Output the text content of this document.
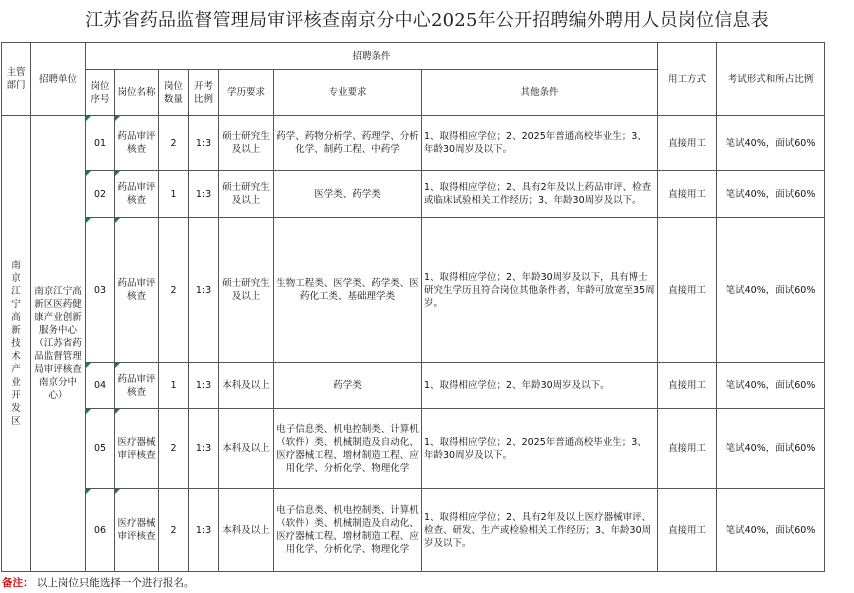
江苏省药品监督管理局审评核查南京分中心2025年公开招聘编外聘用人员岗位信息表
主管部门	招聘单位	招聘条件							用工方式	考试形式和所占比例
		岗位序号	岗位名称	岗位数量	开考比例	学历要求	专业要求	其他条件		
南京江宁高新技术产业开发区	南京江宁高新区医药健康产业创新服务中心（江苏省药品监督管理局审评核查南京分中心）	01	药品审评核查	2	1:3	硕士研究生及以上	药学、药物分析学、药理学、分析化学、制药工程、中药学	1、取得相应学位；2、2025年普通高校毕业生；3、年龄30周岁及以下。	直接用工	笔试40%，面试60%
		02	药品审评核查	1	1:3	硕士研究生及以上	医学类、药学类	1、取得相应学位；2、具有2年及以上药品审评、检查或临床试验相关工作经历；3、年龄30周岁及以下。	直接用工	笔试40%，面试60%
		03	药品审评核查	2	1:3	硕士研究生及以上	生物工程类、医学类、药学类、医药化工类、基础理学类	1、取得相应学位；2、年龄30周岁及以下，具有博士研究生学历且符合岗位其他条件者，年龄可放宽至35周岁。	直接用工	笔试40%，面试60%
		04	药品审评核查	1	1:3	本科及以上	药学类	1、取得相应学位；2、年龄30周岁及以下。	直接用工	笔试40%，面试60%
		05	医疗器械审评核查	2	1:3	本科及以上	电子信息类、机电控制类、计算机（软件）类、机械制造及自动化、医疗器械工程、增材制造工程、应用化学、分析化学、物理化学	1、取得相应学位；2、2025年普通高校毕业生；3、年龄30周岁及以下。	直接用工	笔试40%，面试60%
		06	医疗器械审评核查	2	1:3	本科及以上	电子信息类、机电控制类、计算机（软件）类、机械制造及自动化、医疗器械工程、增材制造工程、应用化学、分析化学、物理化学	1、取得相应学位；2、具有2年及以上医疗器械审评、检查、研发、生产或检验相关工作经历；3、年龄30周岁及以下。	直接用工	笔试40%，面试60%
备注： 以上岗位只能选择一个进行报名。
